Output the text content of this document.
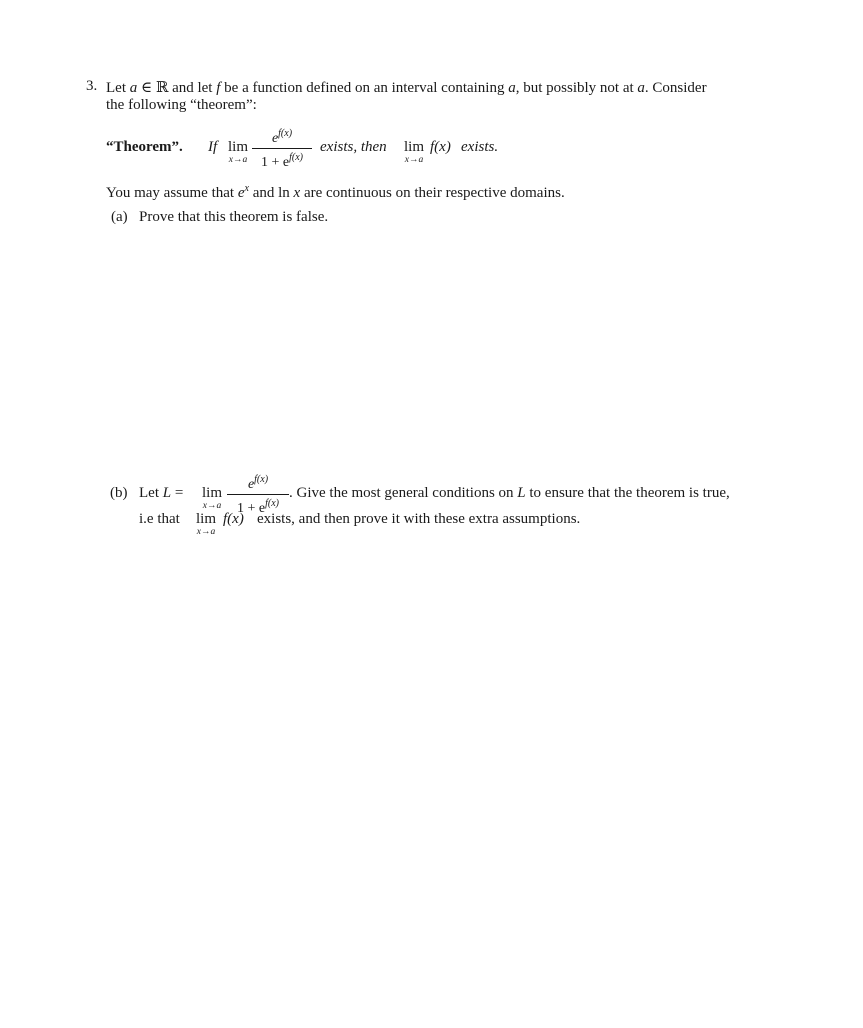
3. Let a ∈ ℝ and let f be a function defined on an interval containing a, but possibly not at a. Consider
the following “theorem”:
“Theorem”. If lim
x→a
$e^{f(x)}$
$1 + e^{f(x)}$
exists, then	lim
x→a
f(x) exists.
You may assume that $e^x$ and ln x are continuous on their respective domains.
(a) Prove that this theorem is false.
(b) Let L =	lim
x→a
$e^{f(x)}$
$1 + e^{f(x)}$
. Give the most general conditions on L to ensure that the theorem is true,
i.e that	lim
x→a
f(x) exists, and then prove it with these extra assumptions.
